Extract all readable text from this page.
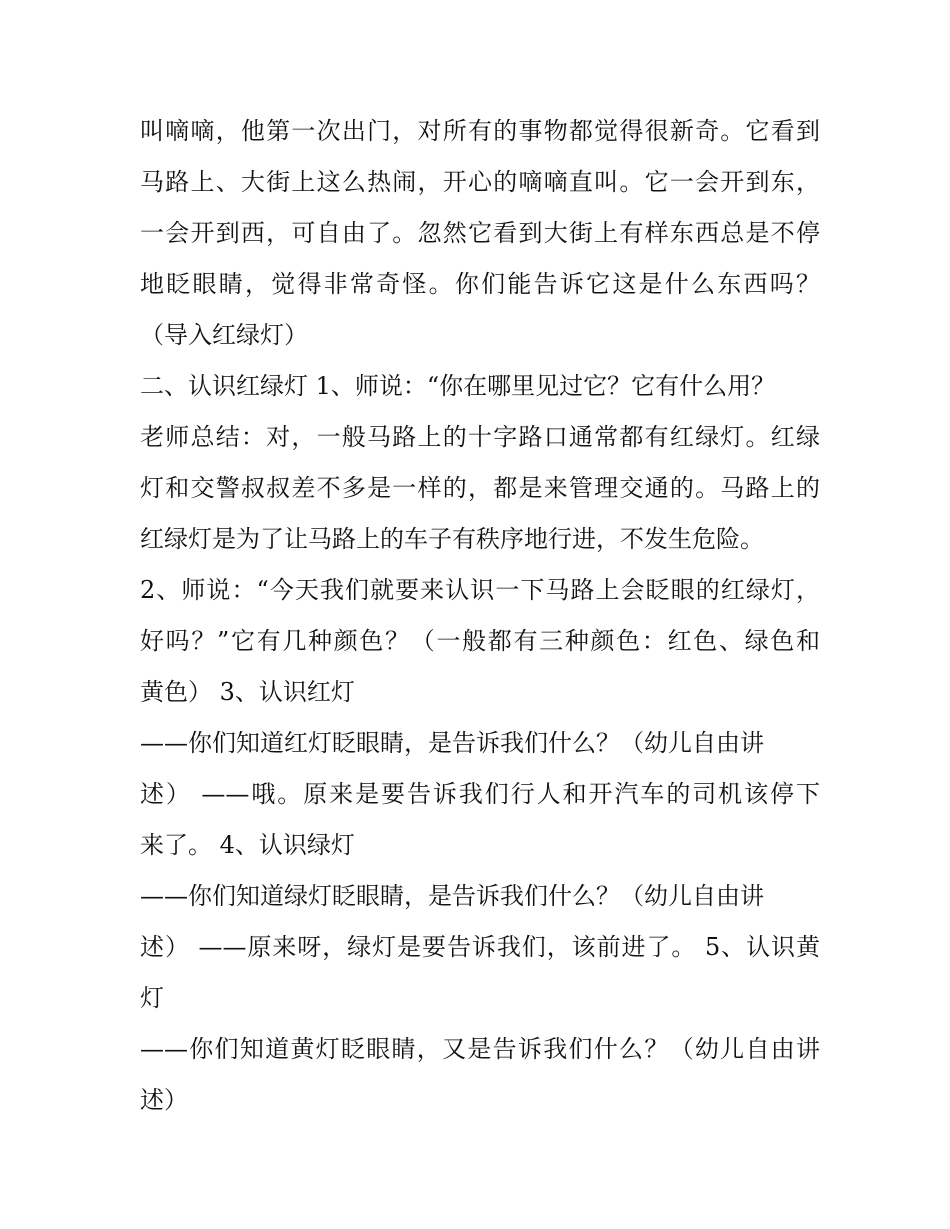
叫嘀嘀，他第一次出门，对所有的事物都觉得很新奇。它看到
马路上、大街上这么热闹，开心的嘀嘀直叫。它一会开到东，
一会开到西，可自由了。忽然它看到大街上有样东西总是不停
地眨眼睛，觉得非常奇怪。你们能告诉它这是什么东西吗？
（导入红绿灯）
二、认识红绿灯 1、师说：“你在哪里见过它？它有什么用？
老师总结：对，一般马路上的十字路口通常都有红绿灯。红绿
灯和交警叔叔差不多是一样的，都是来管理交通的。马路上的
红绿灯是为了让马路上的车子有秩序地行进，不发生危险。
2、师说：“今天我们就要来认识一下马路上会眨眼的红绿灯，
好吗？”它有几种颜色？（一般都有三种颜色：红色、绿色和
黄色） 3、认识红灯
——你们知道红灯眨眼睛，是告诉我们什么？（幼儿自由讲
述） ——哦。原来是要告诉我们行人和开汽车的司机该停下
来了。 4、认识绿灯
——你们知道绿灯眨眼睛，是告诉我们什么？（幼儿自由讲
述） ——原来呀，绿灯是要告诉我们，该前进了。 5、认识黄
灯
——你们知道黄灯眨眼睛，又是告诉我们什么？（幼儿自由讲
述）
